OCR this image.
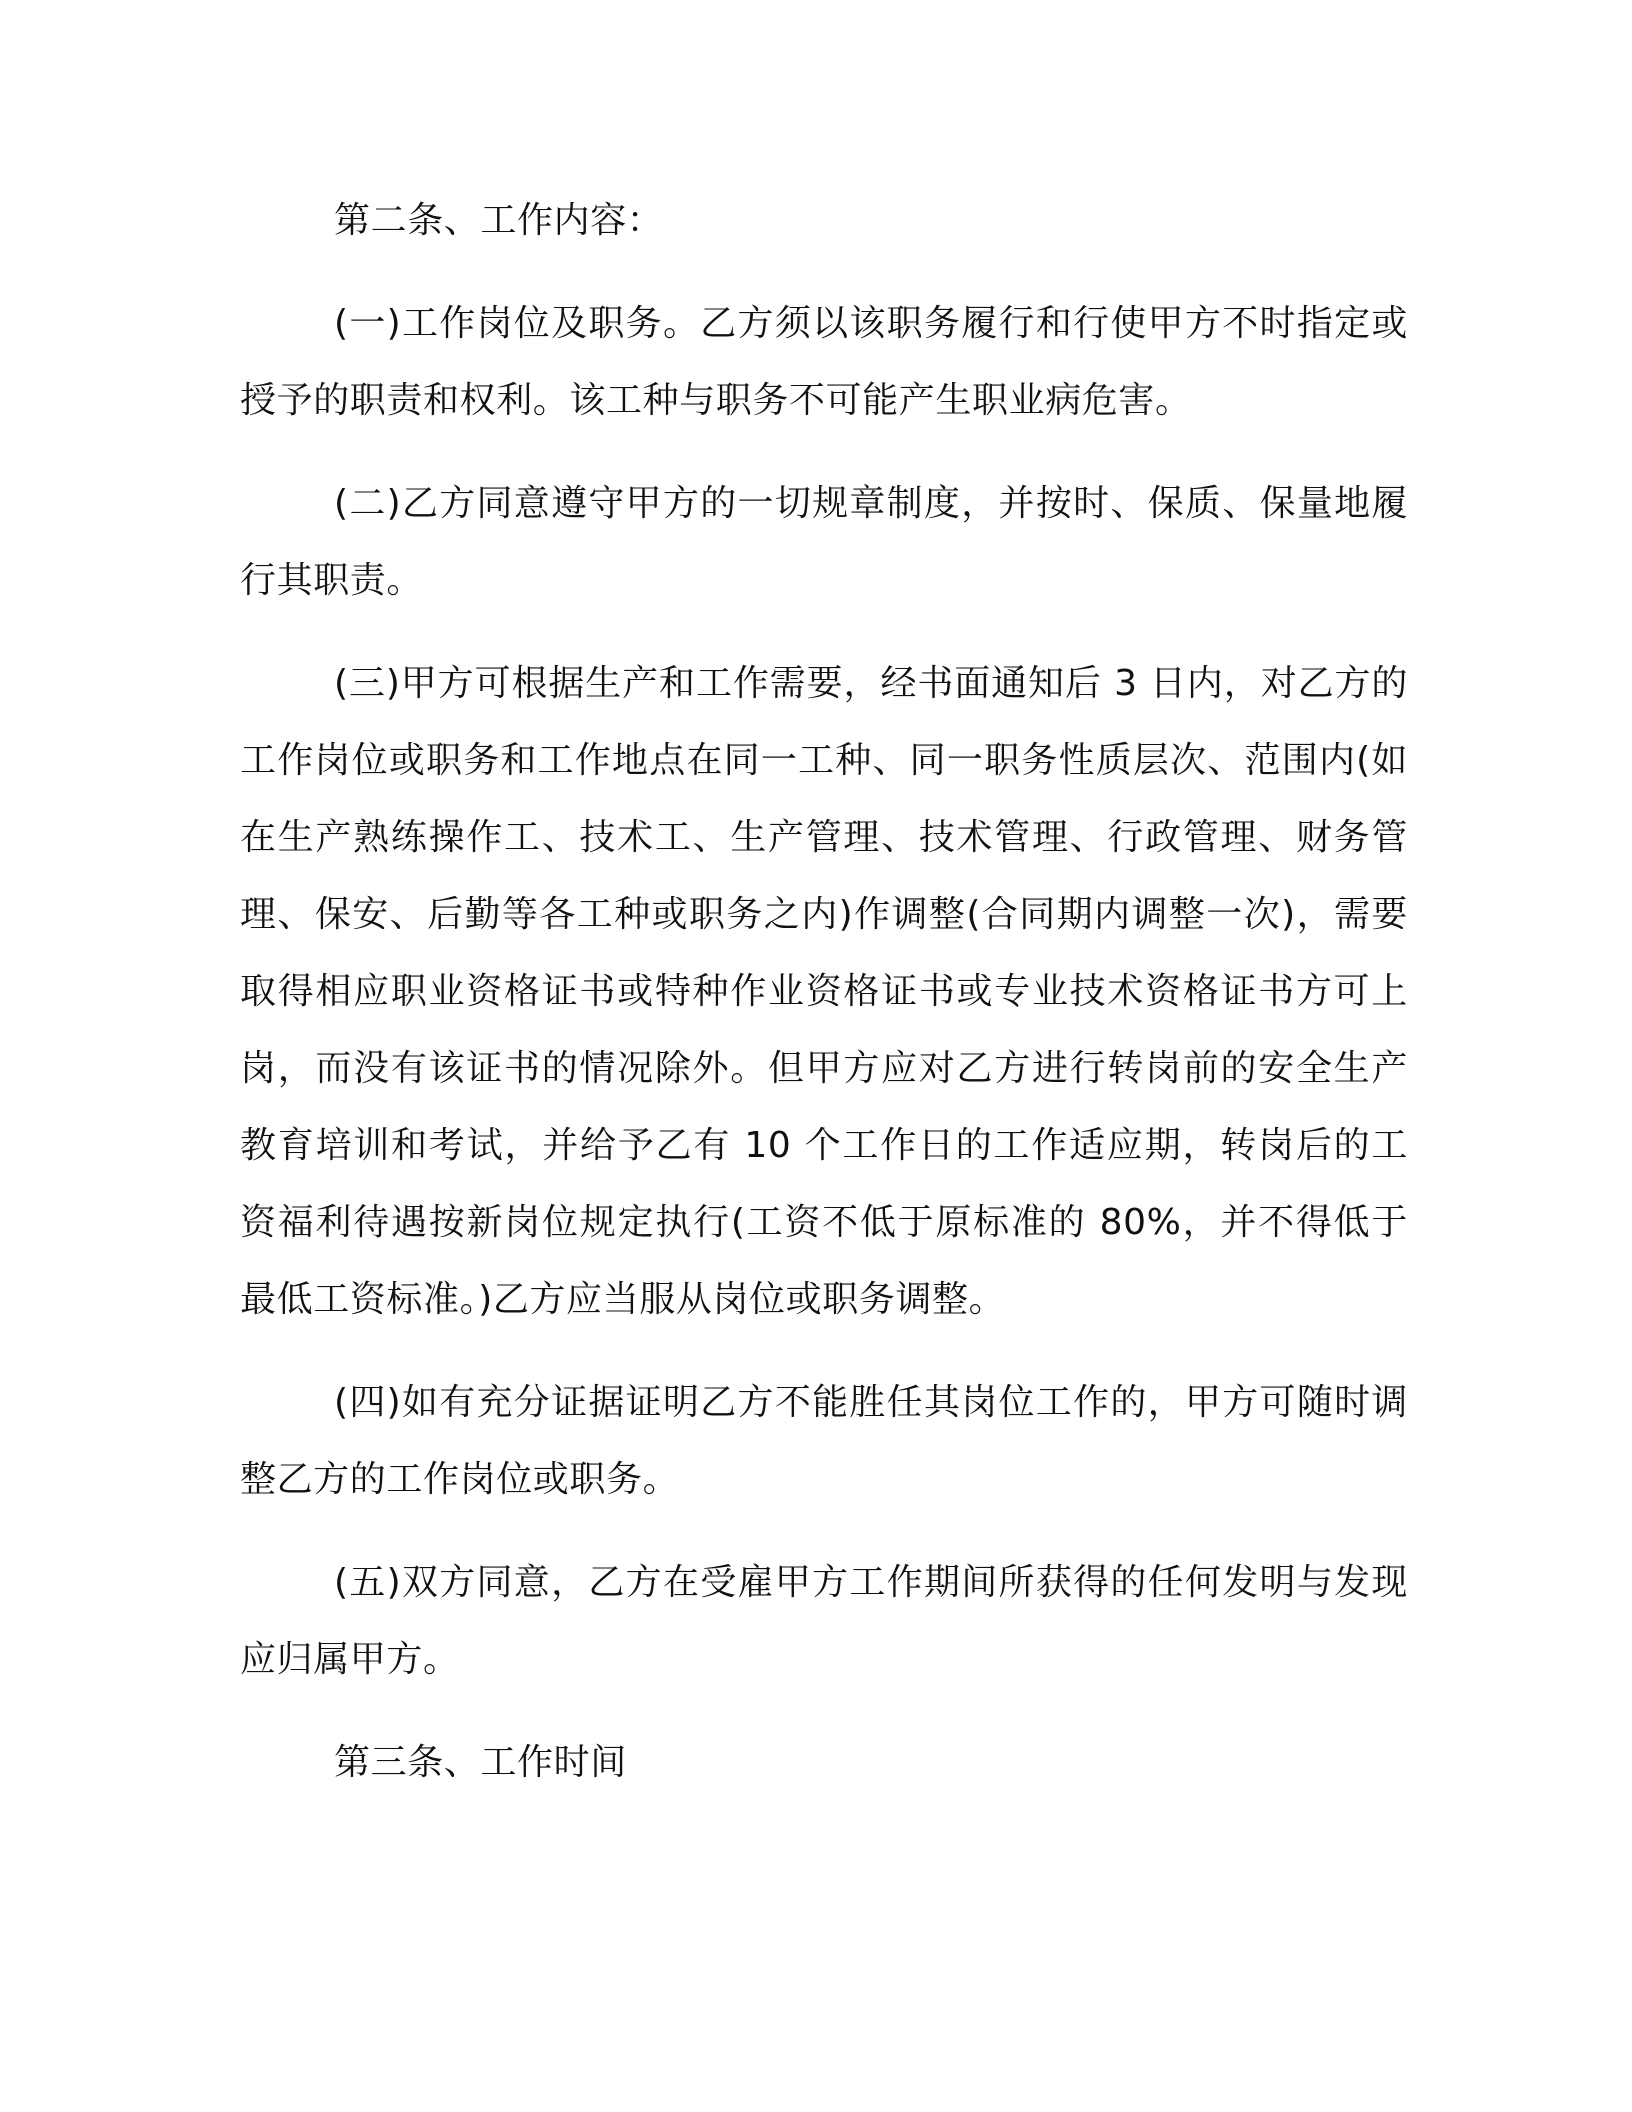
第二条、工作内容：

(一)工作岗位及职务。乙方须以该职务履行和行使甲方不时指定或授予的职责和权利。该工种与职务不可能产生职业病危害。

(二)乙方同意遵守甲方的一切规章制度，并按时、保质、保量地履行其职责。

(三)甲方可根据生产和工作需要，经书面通知后 3 日内，对乙方的工作岗位或职务和工作地点在同一工种、同一职务性质层次、范围内(如在生产熟练操作工、技术工、生产管理、技术管理、行政管理、财务管理、保安、后勤等各工种或职务之内)作调整(合同期内调整一次)，需要取得相应职业资格证书或特种作业资格证书或专业技术资格证书方可上岗，而没有该证书的情况除外。但甲方应对乙方进行转岗前的安全生产教育培训和考试，并给予乙有 10 个工作日的工作适应期，转岗后的工资福利待遇按新岗位规定执行(工资不低于原标准的 80%，并不得低于最低工资标准。)乙方应当服从岗位或职务调整。

(四)如有充分证据证明乙方不能胜任其岗位工作的，甲方可随时调整乙方的工作岗位或职务。

(五)双方同意，乙方在受雇甲方工作期间所获得的任何发明与发现应归属甲方。

第三条、工作时间
